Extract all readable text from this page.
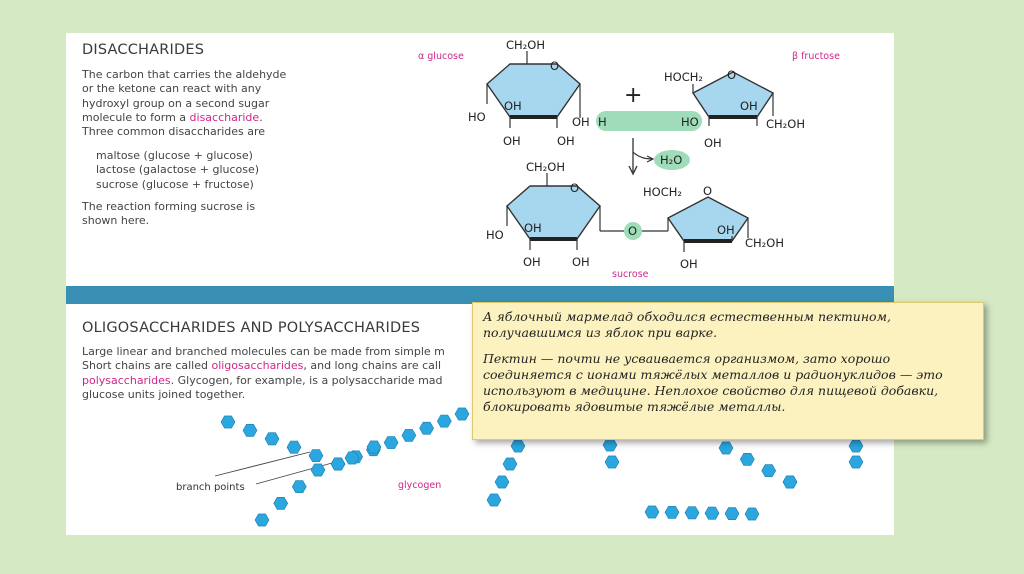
DISACCHARIDES
The carbon that carries the aldehyde
or the ketone can react with any
hydroxyl group on a second sugar
molecule to form a disaccharide.
Three common disaccharides are
maltose (glucose + glucose)
lactose (galactose + glucose)
sucrose (glucose + fructose)
The reaction forming sucrose is
shown here.
OLIGOSACCHARIDES AND POLYSACCHARIDES
Large linear and branched molecules can be made from simple m
Short chains are called oligosaccharides, and long chains are call
polysaccharides. Glycogen, for example, is a polysaccharide mad
glucose units joined together.
α glucose	β fructose
sucrose
CH₂OH
O
OH
HO
OH	OH
OH H	HO
+
HOCH₂ O
OH
CH₂OH
OH
H₂O
CH₂OH
O
OH
HO
OH	OH
O
HOCH₂ O
OH
CH₂OH
OH
branch points	glycogen

А яблочный мармелад обходился естественным пектином, получавшимся из яблок при варке.

Пектин — почти не усваивается организмом, зато хорошо соединяется с ионами тяжёлых металлов и радионуклидов — это используют в медицине. Неплохое свойство для пищевой добавки, блокировать ядовитые тяжёлые металлы.
